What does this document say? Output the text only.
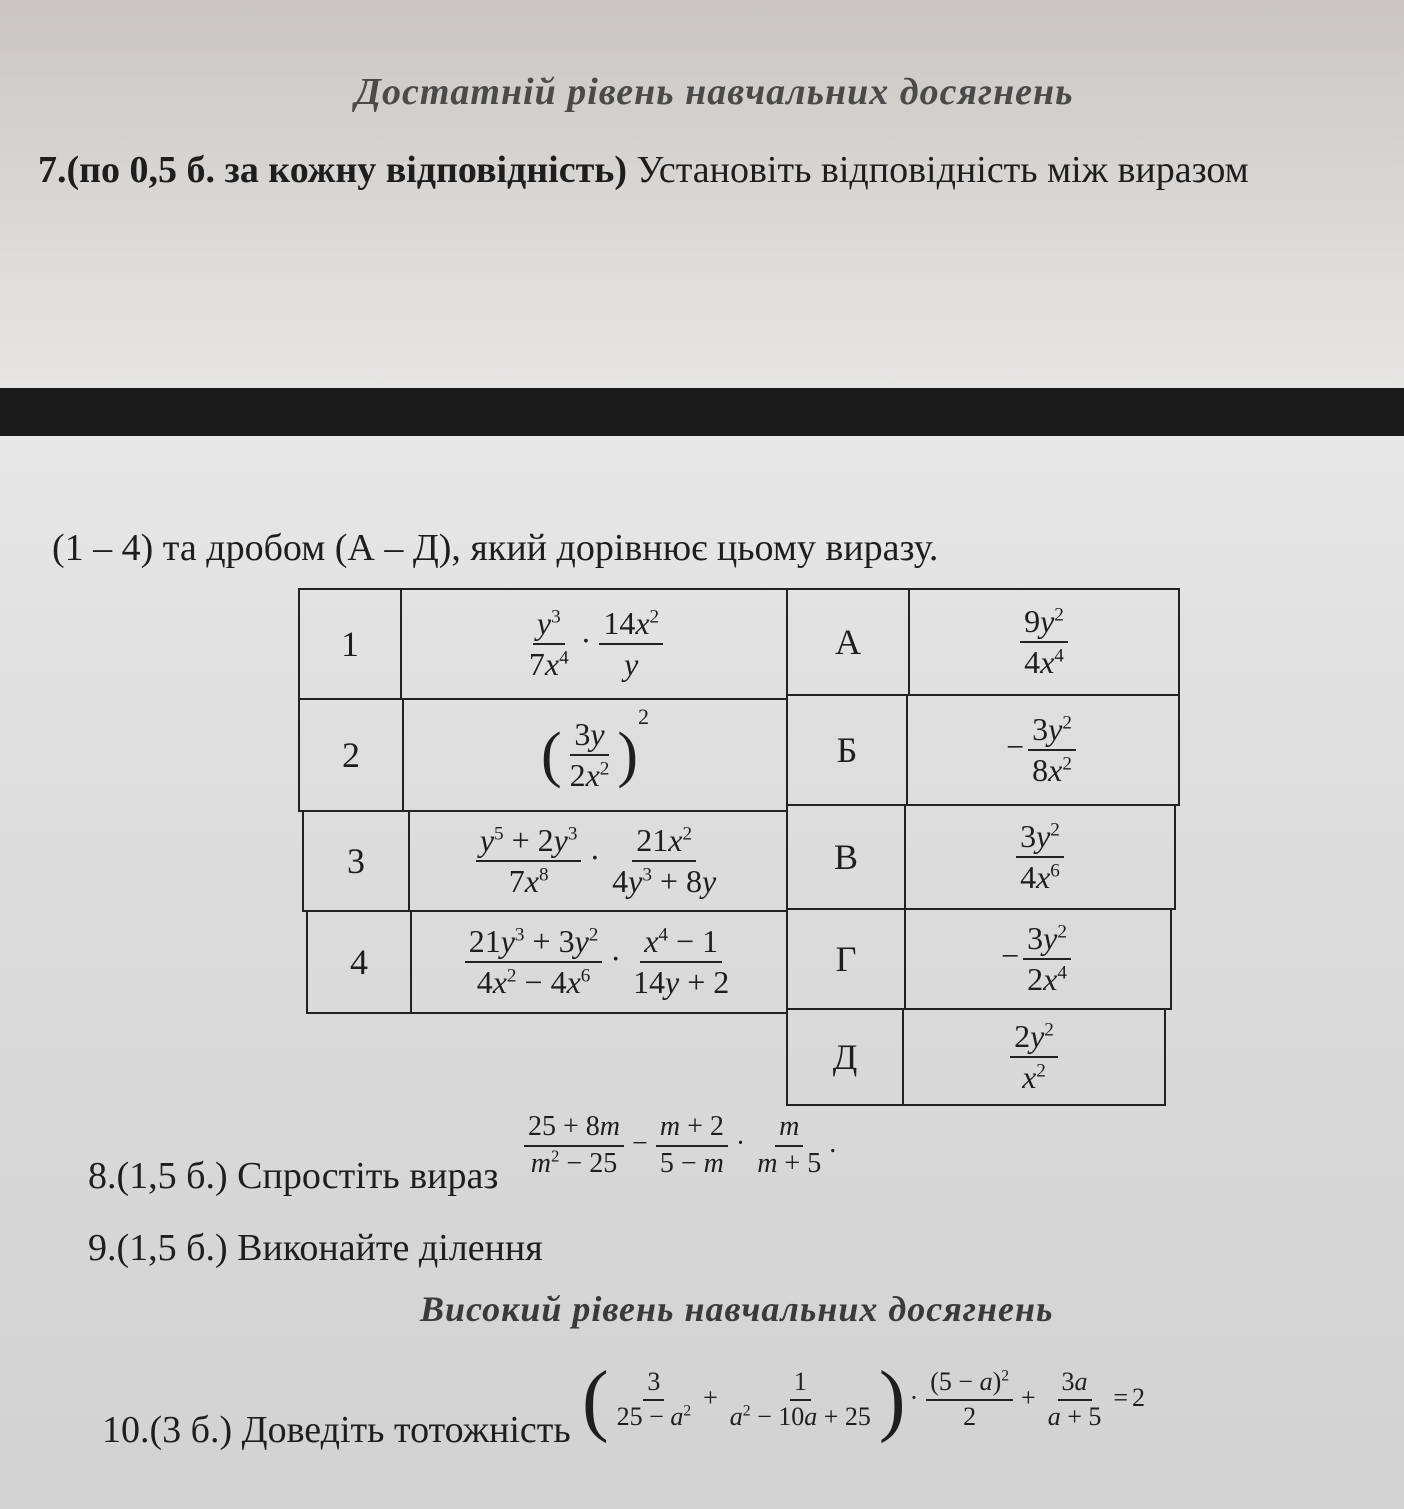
Достатній рівень навчальних досягнень
7.(по 0,5 б. за кожну відповідність) Установіть відповідність між виразом
(1 – 4) та дробом (А – Д), який дорівнює цьому виразу.
1	$\frac{y^3}{7x^4} \cdot \frac{14x^2}{y}$
2	( $\frac{3y}{2x^2} )^2$
3	$\frac{y^5 + 2y^3}{7x^8} \cdot \frac{21x^2}{4y^3 + 8y}$
4	$\frac{21y^3 + 3y^2}{4x^2 - 4x^6} \cdot \frac{x^4 - 1}{14y + 2}$
А	$\frac{9y^2}{4x^4}$
Б	− $\frac{3y^2}{8x^2}$
В	$\frac{3y^2}{4x^6}$
Г	− $\frac{3y^2}{2x^4}$
Д	$\frac{2y^2}{x^2}$
8.(1,5 б.) Спростіть вираз $\frac{25 + 8m}{m^2 - 25} - \frac{m + 2}{5 - m} \cdot \frac{m}{m + 5}$ .
9.(1,5 б.) Виконайте ділення
Високий рівень навчальних досягнень
10.(3 б.) Доведіть тотожність ( $\frac{3}{25 - a^2} + \frac{1}{a^2 - 10a + 25}$ ) · $\frac{(5 - a)^2}{2} + \frac{3a}{a + 5} = 2$
